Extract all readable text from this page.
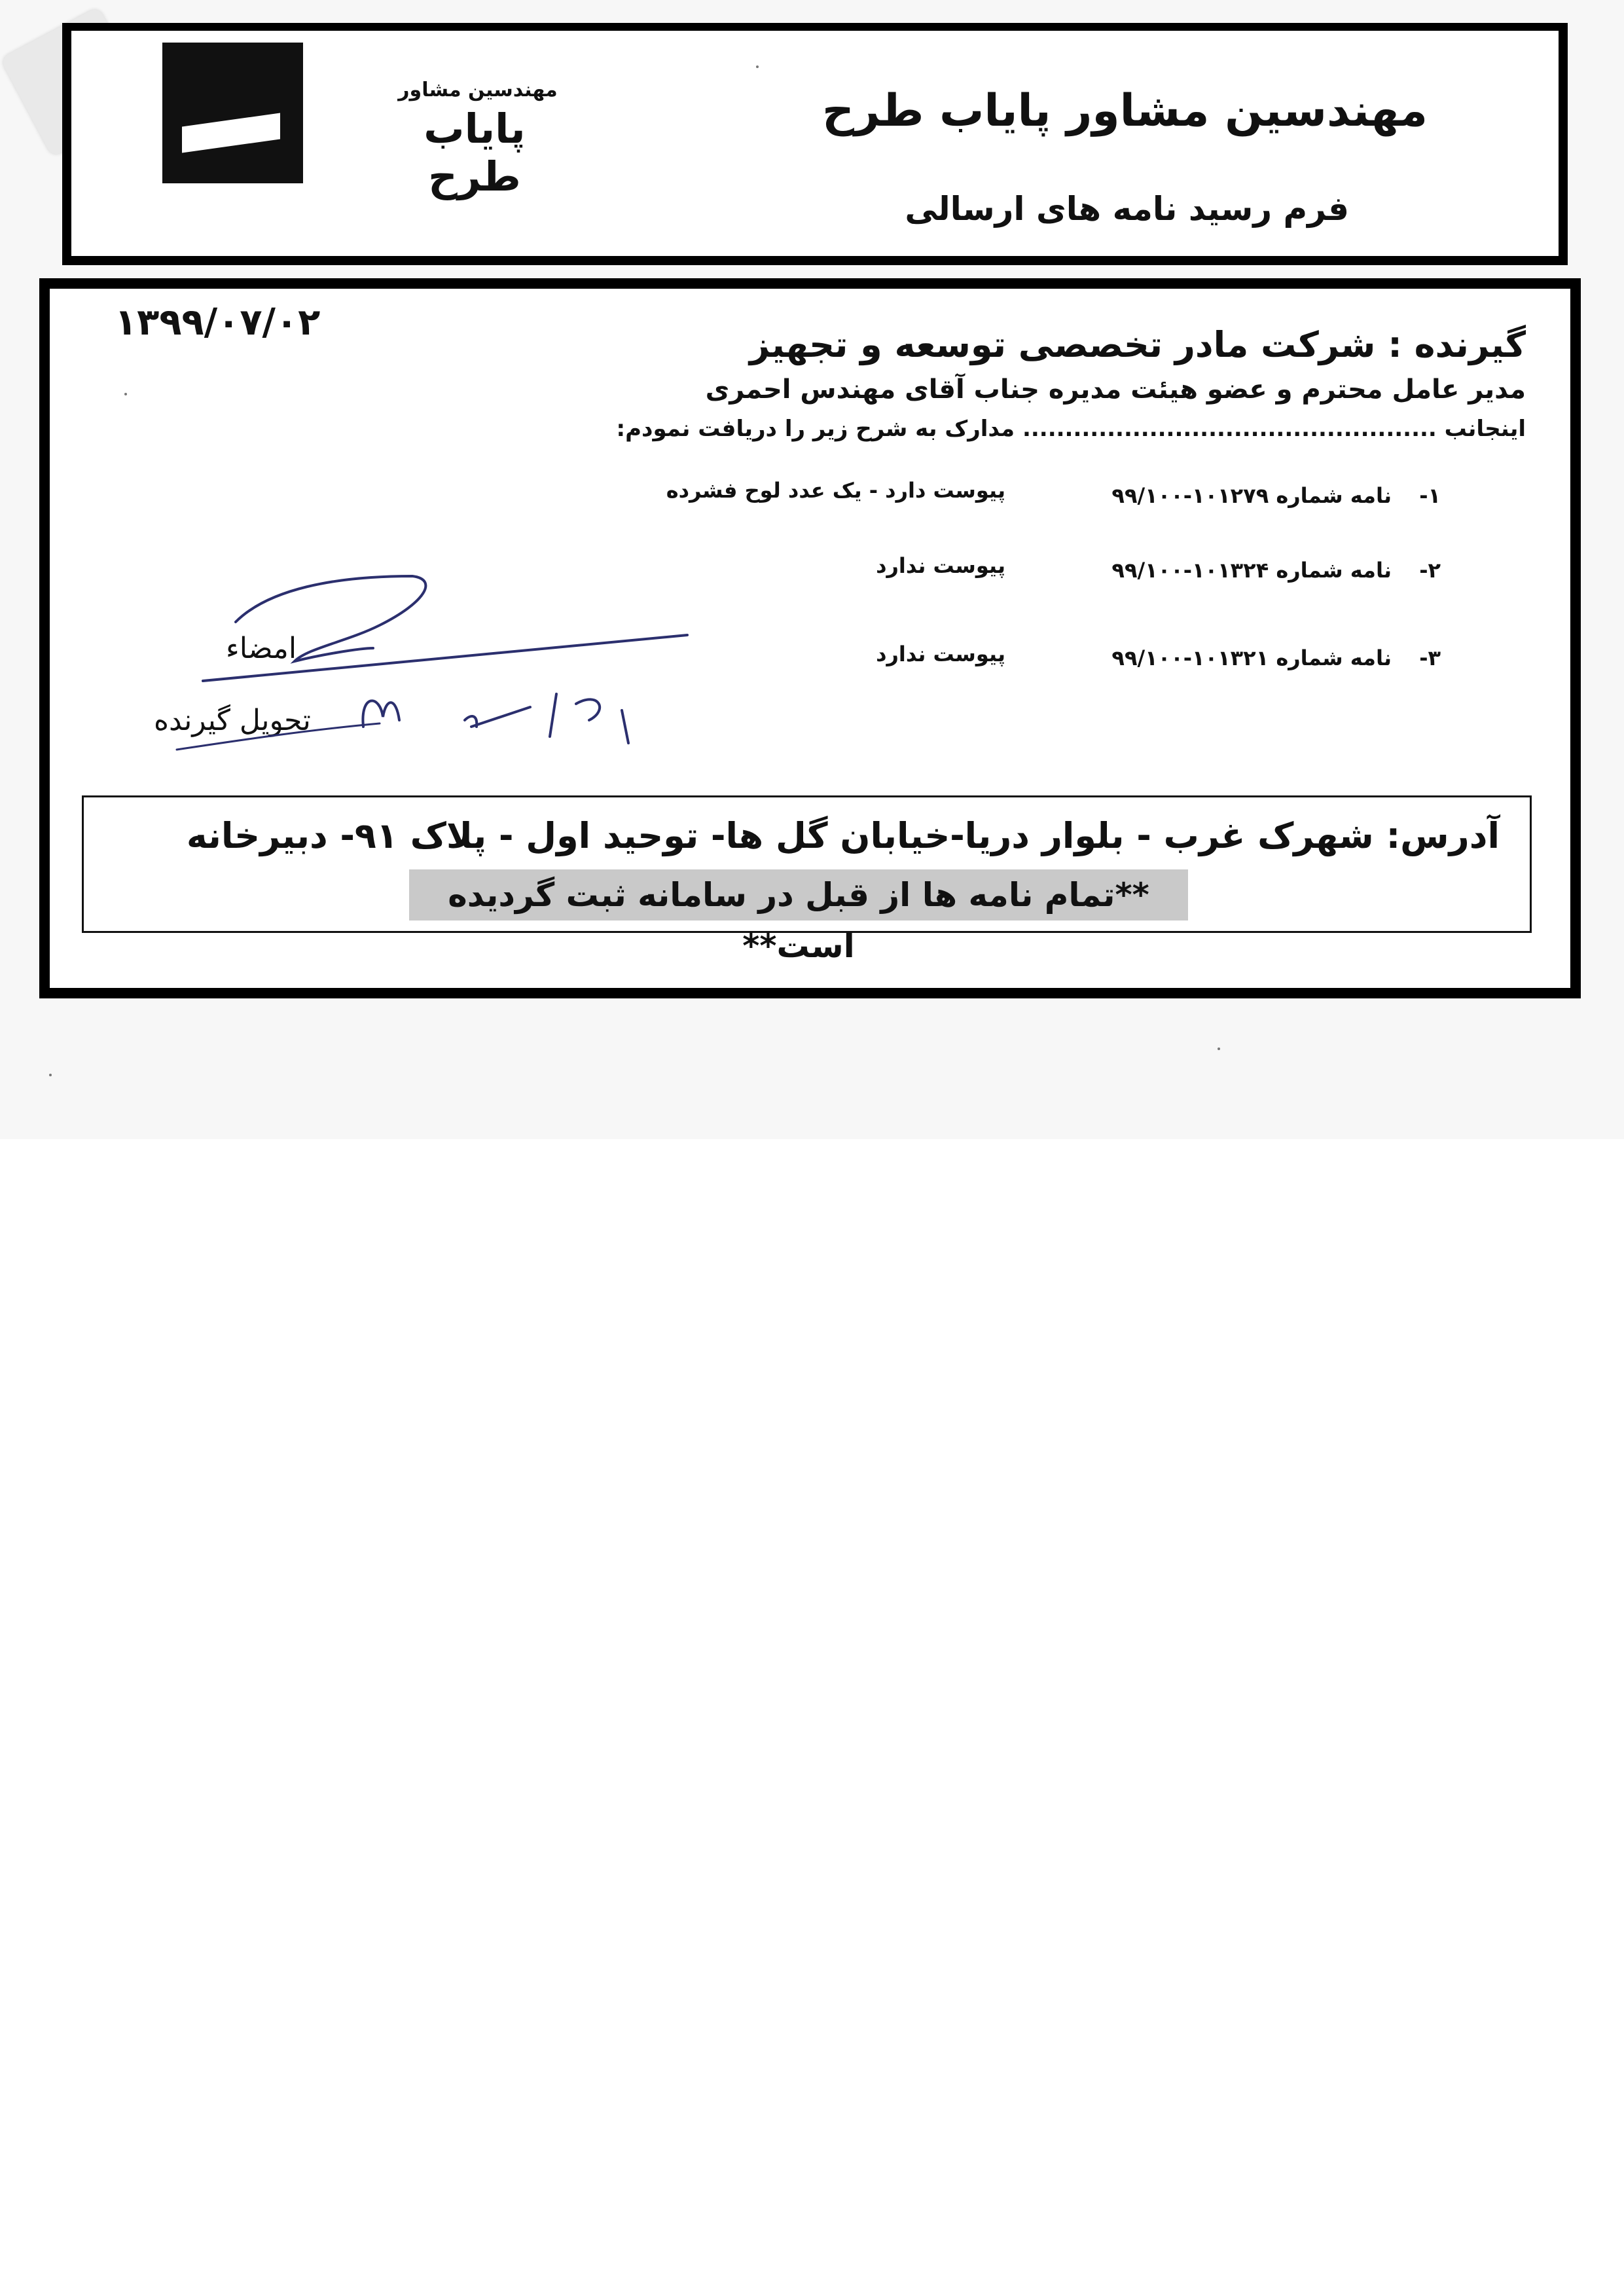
مهندسین مشاور
پایاب طرح
مهندسین مشاور پایاب طرح
فرم رسید نامه های ارسالی
۱۳۹۹/۰۷/۰۲
گیرنده : شرکت مادر تخصصی توسعه و تجهیز
مدیر عامل محترم و عضو هیئت مدیره جناب آقای مهندس احمری
اینجانب ................................................. مدارک به شرح زیر را دریافت نمودم:
۱-
نامه شماره ۱۰۱۲۷۹-۹۹/۱۰۰
پیوست دارد - یک عدد لوح فشرده
۲-
نامه شماره ۱۰۱۳۲۴-۹۹/۱۰۰
پیوست ندارد
۳-
نامه شماره ۱۰۱۳۲۱-۹۹/۱۰۰
پیوست ندارد
امضاء
تحویل گیرنده
آدرس: شهرک غرب - بلوار دریا-خیابان گل ها- توحید اول - پلاک ۹۱- دبیرخانه
**تمام نامه ها از قبل در سامانه ثبت گردیده است**
